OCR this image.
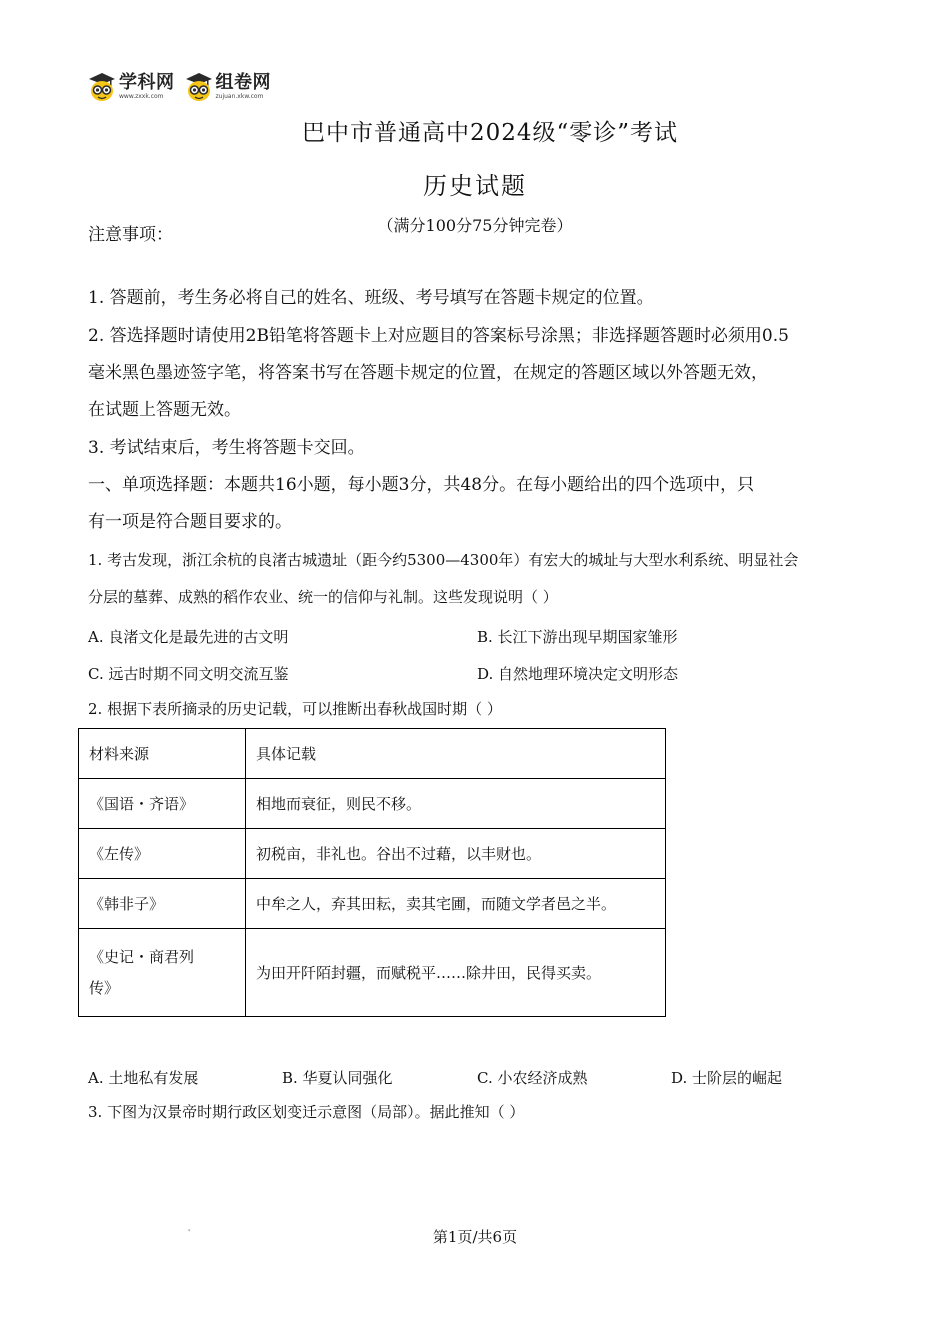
学科网
www.zxxk.com
组卷网
zujuan.xkw.com
巴中市普通高中2024级“零诊”考试
历史试题
（满分100分75分钟完卷）
注意事项：
1. 答题前，考生务必将自己的姓名、班级、考号填写在答题卡规定的位置。
2. 答选择题时请使用2B铅笔将答题卡上对应题目的答案标号涂黑；非选择题答题时必须用0.5
毫米黑色墨迹签字笔，将答案书写在答题卡规定的位置，在规定的答题区域以外答题无效，
在试题上答题无效。
3. 考试结束后，考生将答题卡交回。
一、单项选择题：本题共16小题，每小题3分，共48分。在每小题给出的四个选项中，只
有一项是符合题目要求的。
1. 考古发现，浙江余杭的良渚古城遗址（距今约5300—4300年）有宏大的城址与大型水利系统、明显社会
分层的墓葬、成熟的稻作农业、统一的信仰与礼制。这些发现说明（ ）
A. 良渚文化是最先进的古文明	B. 长江下游出现早期国家雏形
C. 远古时期不同文明交流互鉴	D. 自然地理环境决定文明形态
2. 根据下表所摘录的历史记载，可以推断出春秋战国时期（ ）
材料来源	具体记载
《国语・齐语》	相地而衰征，则民不移。
《左传》	初税亩，非礼也。谷出不过藉，以丰财也。
《韩非子》	中牟之人，弃其田耘，卖其宅圃，而随文学者邑之半。

《史记・商君列
传》	为田开阡陌封疆，而赋税平……除井田，民得买卖。
A. 土地私有发展	B. 华夏认同强化	C. 小农经济成熟	D. 士阶层的崛起
3. 下图为汉景帝时期行政区划变迁示意图（局部）。据此推知（ ）
'	第1页/共6页
